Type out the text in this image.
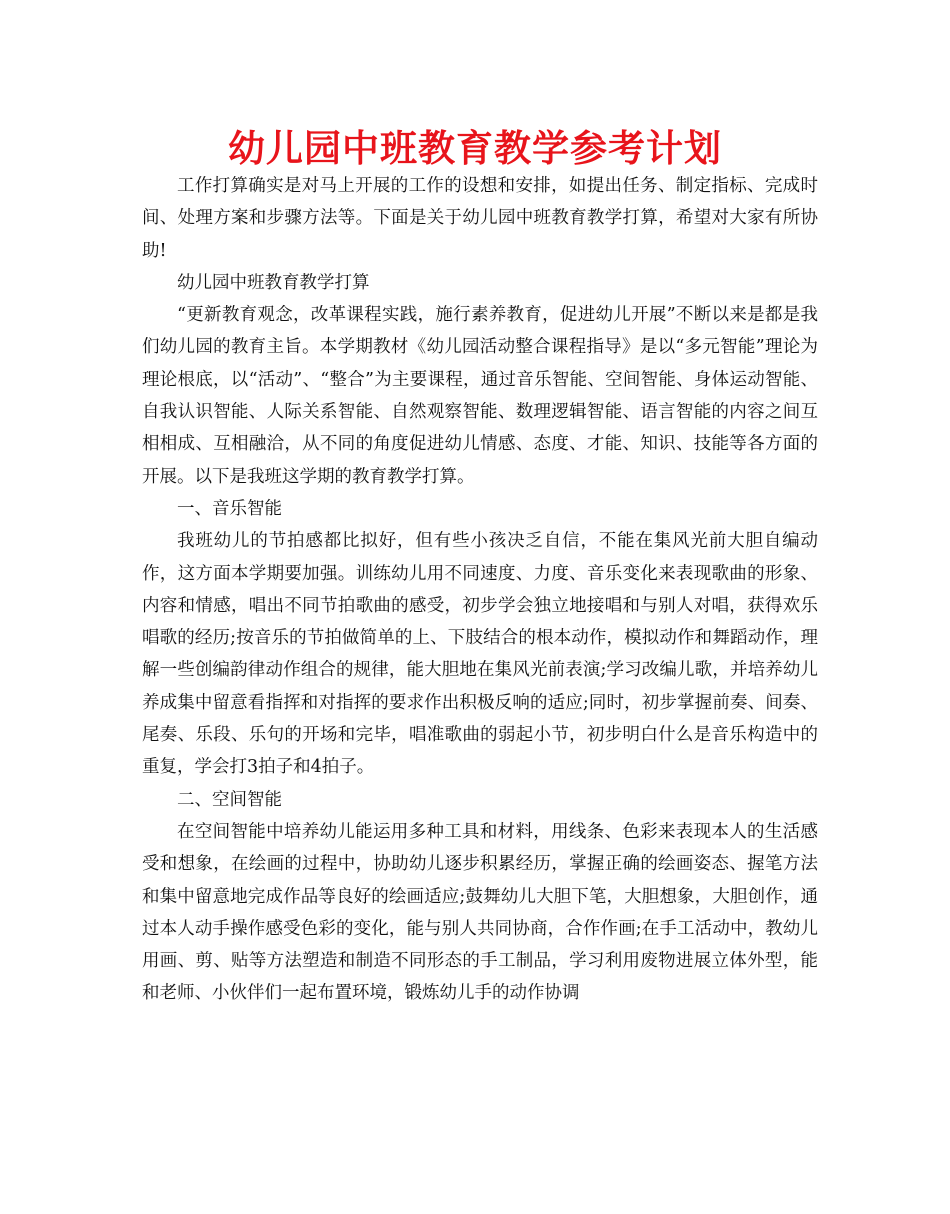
幼儿园中班教育教学参考计划

工作打算确实是对马上开展的工作的设想和安排，如提出任务、制定指标、完成时间、处理方案和步骤方法等。下面是关于幼儿园中班教育教学打算，希望对大家有所协助!

幼儿园中班教育教学打算

“更新教育观念，改革课程实践，施行素养教育，促进幼儿开展”不断以来是都是我们幼儿园的教育主旨。本学期教材《幼儿园活动整合课程指导》是以“多元智能”理论为理论根底，以“活动”、“整合”为主要课程，通过音乐智能、空间智能、身体运动智能、自我认识智能、人际关系智能、自然观察智能、数理逻辑智能、语言智能的内容之间互相相成、互相融洽，从不同的角度促进幼儿情感、态度、才能、知识、技能等各方面的开展。以下是我班这学期的教育教学打算。

一、音乐智能

我班幼儿的节拍感都比拟好，但有些小孩决乏自信，不能在集风光前大胆自编动作，这方面本学期要加强。训练幼儿用不同速度、力度、音乐变化来表现歌曲的形象、内容和情感，唱出不同节拍歌曲的感受，初步学会独立地接唱和与别人对唱，获得欢乐唱歌的经历;按音乐的节拍做简单的上、下肢结合的根本动作，模拟动作和舞蹈动作，理解一些创编韵律动作组合的规律，能大胆地在集风光前表演;学习改编儿歌，并培养幼儿养成集中留意看指挥和对指挥的要求作出积极反响的适应;同时，初步掌握前奏、间奏、尾奏、乐段、乐句的开场和完毕，唱准歌曲的弱起小节，初步明白什么是音乐构造中的重复，学会打3拍子和4拍子。

二、空间智能

在空间智能中培养幼儿能运用多种工具和材料，用线条、色彩来表现本人的生活感受和想象，在绘画的过程中，协助幼儿逐步积累经历，掌握正确的绘画姿态、握笔方法和集中留意地完成作品等良好的绘画适应;鼓舞幼儿大胆下笔，大胆想象，大胆创作，通过本人动手操作感受色彩的变化，能与别人共同协商，合作作画;在手工活动中，教幼儿用画、剪、贴等方法塑造和制造不同形态的手工制品，学习利用废物进展立体外型，能和老师、小伙伴们一起布置环境，锻炼幼儿手的动作协调
